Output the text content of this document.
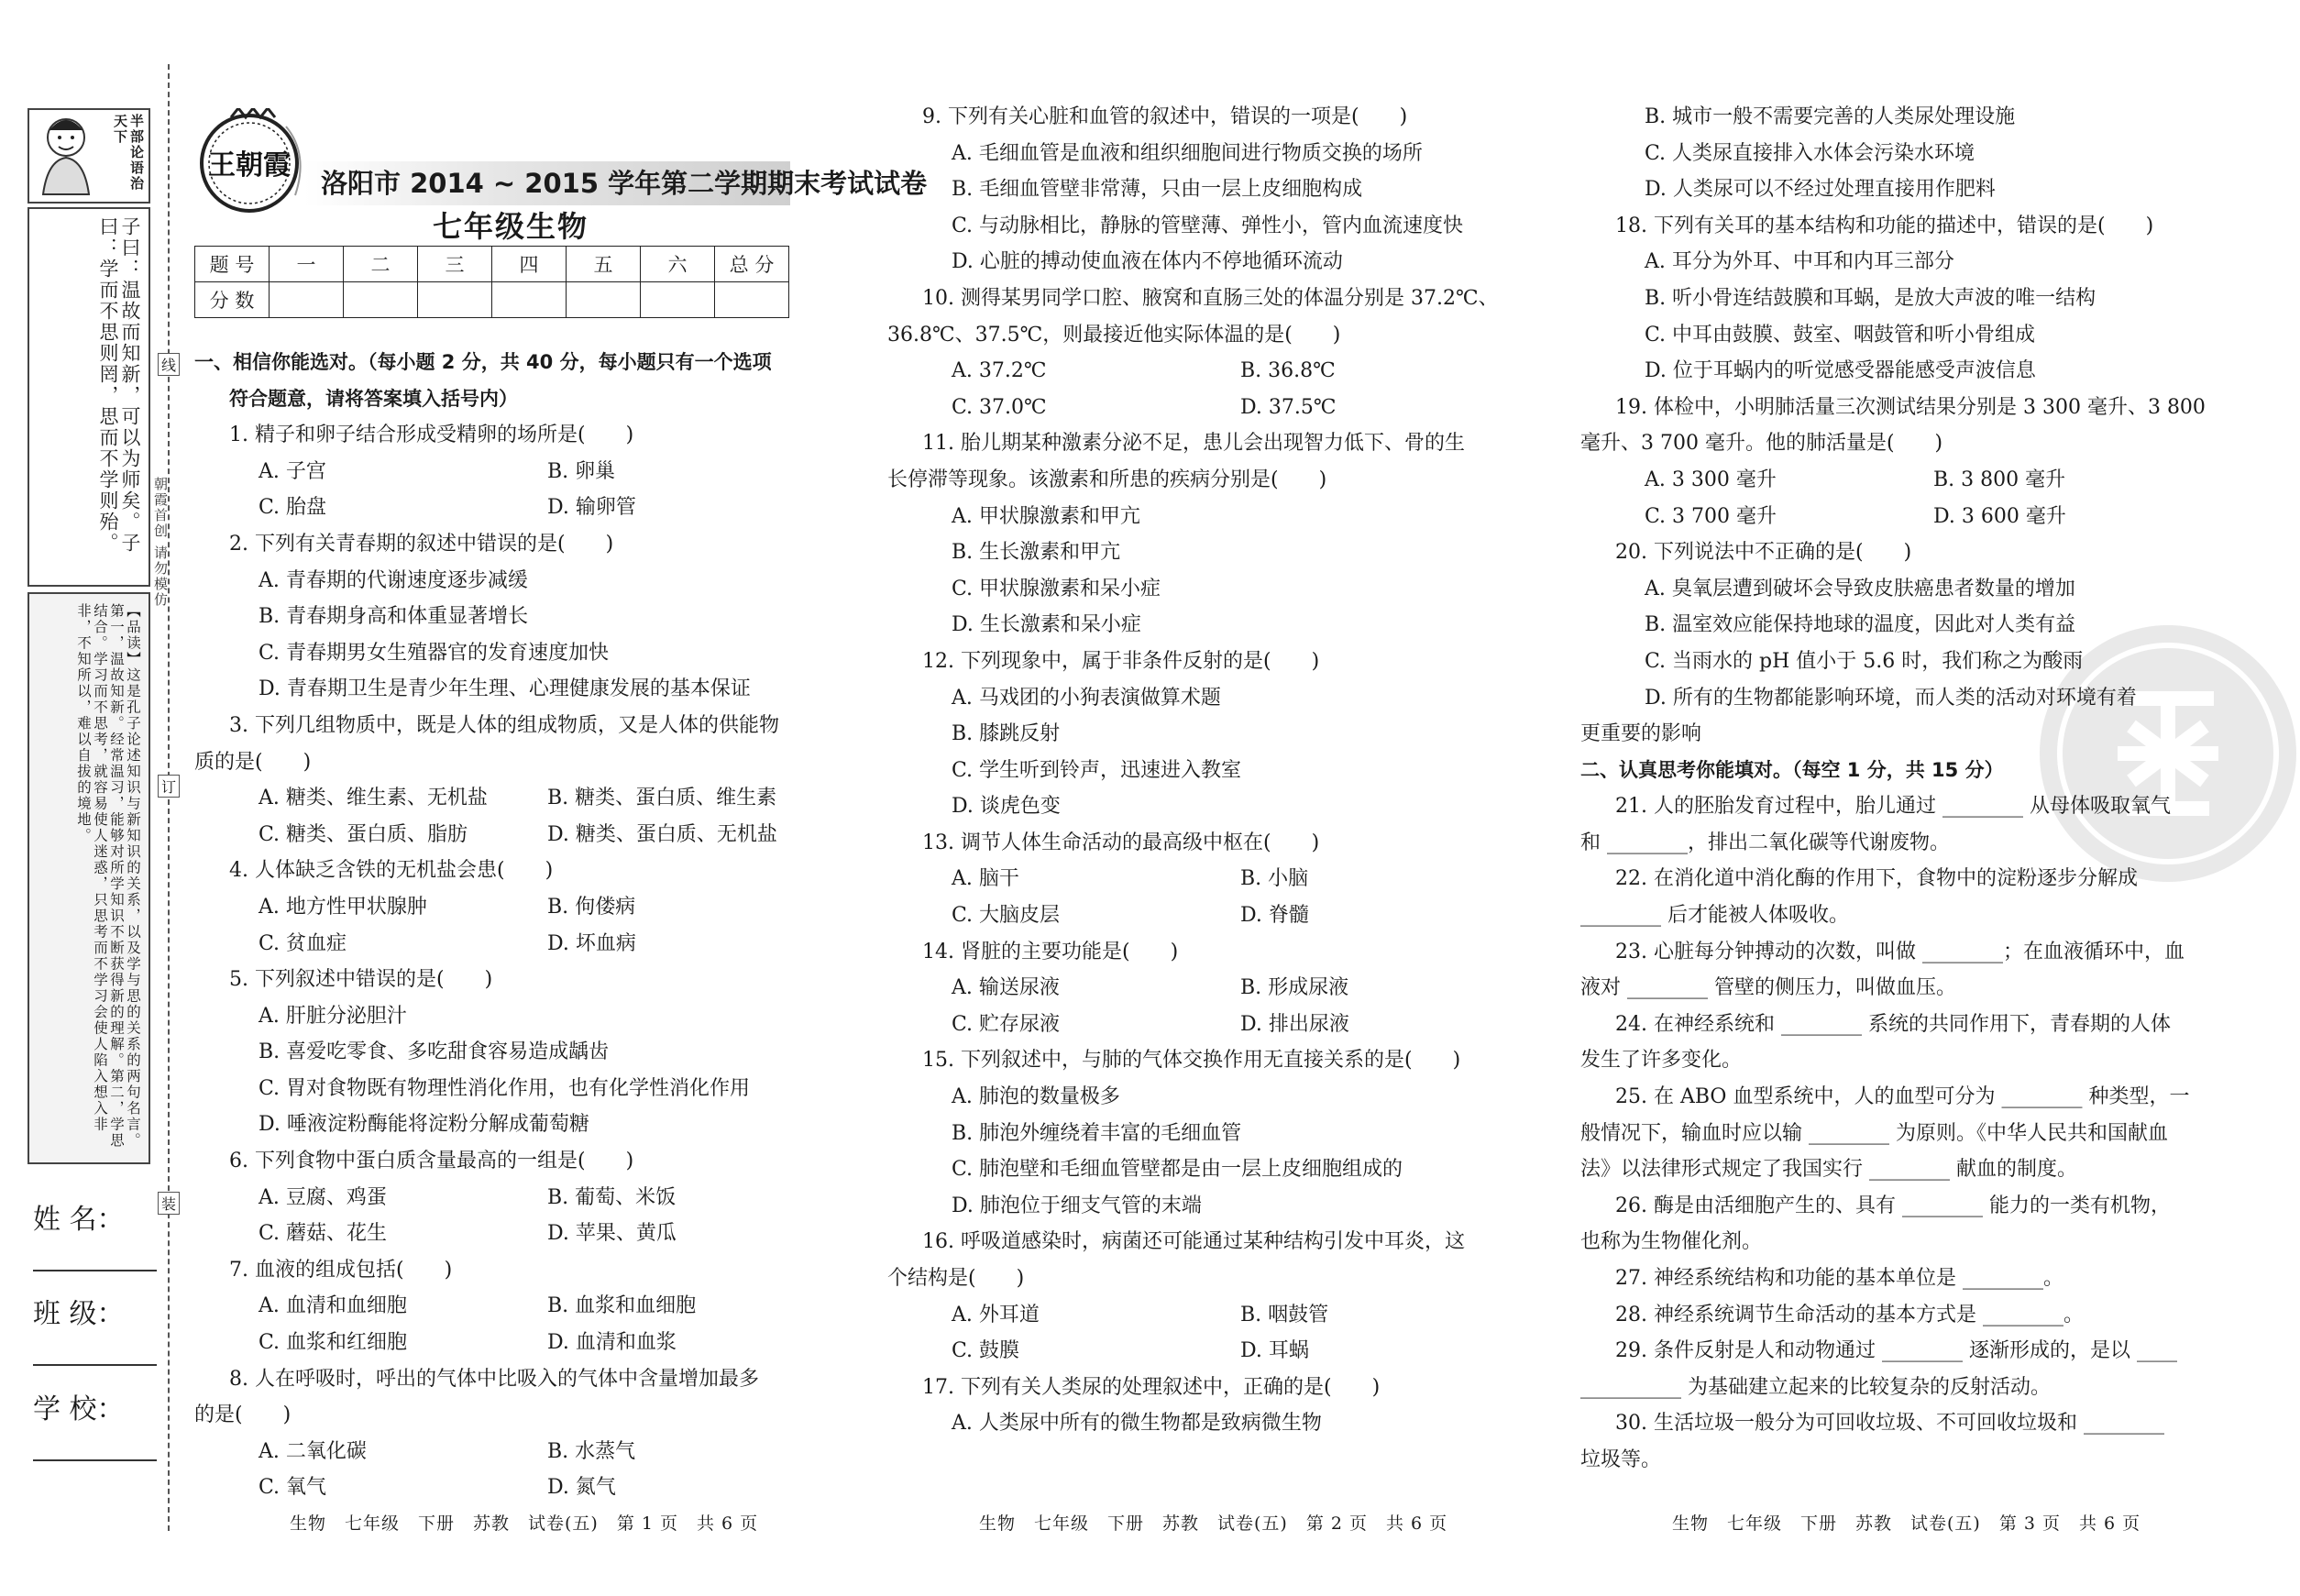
半部论语治天下
子曰：温故而知新，可以为师矣。子曰：学而不思则罔，思而不学则殆。
【品读】这是孔子论述知识与新知识的关系，以及学与思的关系的两句名言。第一，温故知新。经常温习，能够对所学知识不断获得新的理解。第二，学思结合。学习而不思考，就容易使人迷惑，只思考而不学习会使人陷入想入非非，不知所以，难以自拔的境地。
朝霞首创 请勿模仿
线
订
装
姓 名：
班 级：
学 校：
王朝霞
洛阳市 2014 ~ 2015 学年第二学期期末考试试卷
七年级生物
题 号	一	二	三	四	五	六	总 分
分 数							

一、相信你能选对。（每小题 2 分，共 40 分，每小题只有一个选项

符合题意，请将答案填入括号内）

1. 精子和卵子结合形成受精卵的场所是(　　)

A. 子宫	B. 卵巢
C. 胎盘	D. 输卵管

2. 下列有关青春期的叙述中错误的是(　　)

A. 青春期的代谢速度逐步减缓

B. 青春期身高和体重显著增长

C. 青春期男女生殖器官的发育速度加快

D. 青春期卫生是青少年生理、心理健康发展的基本保证

3. 下列几组物质中，既是人体的组成物质，又是人体的供能物

质的是(　　)

A. 糖类、维生素、无机盐	B. 糖类、蛋白质、维生素
C. 糖类、蛋白质、脂肪	D. 糖类、蛋白质、无机盐

4. 人体缺乏含铁的无机盐会患(　　)

A. 地方性甲状腺肿	B. 佝偻病
C. 贫血症	D. 坏血病

5. 下列叙述中错误的是(　　)

A. 肝脏分泌胆汁

B. 喜爱吃零食、多吃甜食容易造成龋齿

C. 胃对食物既有物理性消化作用，也有化学性消化作用

D. 唾液淀粉酶能将淀粉分解成葡萄糖

6. 下列食物中蛋白质含量最高的一组是(　　)

A. 豆腐、鸡蛋	B. 葡萄、米饭
C. 蘑菇、花生	D. 苹果、黄瓜

7. 血液的组成包括(　　)

A. 血清和血细胞	B. 血浆和血细胞
C. 血浆和红细胞	D. 血清和血浆

8. 人在呼吸时，呼出的气体中比吸入的气体中含量增加最多

的是(　　)

A. 二氧化碳	B. 水蒸气
C. 氧气	D. 氮气

9. 下列有关心脏和血管的叙述中，错误的一项是(　　)

A. 毛细血管是血液和组织细胞间进行物质交换的场所

B. 毛细血管壁非常薄，只由一层上皮细胞构成

C. 与动脉相比，静脉的管壁薄、弹性小，管内血流速度快

D. 心脏的搏动使血液在体内不停地循环流动

10. 测得某男同学口腔、腋窝和直肠三处的体温分别是 37.2℃、

36.8℃、37.5℃，则最接近他实际体温的是(　　)

A. 37.2℃	B. 36.8℃
C. 37.0℃	D. 37.5℃

11. 胎儿期某种激素分泌不足，患儿会出现智力低下、骨的生

长停滞等现象。该激素和所患的疾病分别是(　　)

A. 甲状腺激素和甲亢

B. 生长激素和甲亢

C. 甲状腺激素和呆小症

D. 生长激素和呆小症

12. 下列现象中，属于非条件反射的是(　　)

A. 马戏团的小狗表演做算术题

B. 膝跳反射

C. 学生听到铃声，迅速进入教室

D. 谈虎色变

13. 调节人体生命活动的最高级中枢在(　　)

A. 脑干	B. 小脑
C. 大脑皮层	D. 脊髓

14. 肾脏的主要功能是(　　)

A. 输送尿液	B. 形成尿液
C. 贮存尿液	D. 排出尿液

15. 下列叙述中，与肺的气体交换作用无直接关系的是(　　)

A. 肺泡的数量极多

B. 肺泡外缠绕着丰富的毛细血管

C. 肺泡壁和毛细血管壁都是由一层上皮细胞组成的

D. 肺泡位于细支气管的末端

16. 呼吸道感染时，病菌还可能通过某种结构引发中耳炎，这

个结构是(　　)

A. 外耳道	B. 咽鼓管
C. 鼓膜	D. 耳蜗

17. 下列有关人类尿的处理叙述中，正确的是(　　)

A. 人类尿中所有的微生物都是致病微生物

B. 城市一般不需要完善的人类尿处理设施

C. 人类尿直接排入水体会污染水环境

D. 人类尿可以不经过处理直接用作肥料

18. 下列有关耳的基本结构和功能的描述中，错误的是(　　)

A. 耳分为外耳、中耳和内耳三部分

B. 听小骨连结鼓膜和耳蜗，是放大声波的唯一结构

C. 中耳由鼓膜、鼓室、咽鼓管和听小骨组成

D. 位于耳蜗内的听觉感受器能感受声波信息

19. 体检中，小明肺活量三次测试结果分别是 3 300 毫升、3 800

毫升、3 700 毫升。他的肺活量是(　　)

A. 3 300 毫升	B. 3 800 毫升
C. 3 700 毫升	D. 3 600 毫升

20. 下列说法中不正确的是(　　)

A. 臭氧层遭到破坏会导致皮肤癌患者数量的增加

B. 温室效应能保持地球的温度，因此对人类有益

C. 当雨水的 pH 值小于 5.6 时，我们称之为酸雨

D. 所有的生物都能影响环境，而人类的活动对环境有着

更重要的影响

二、认真思考你能填对。（每空 1 分，共 15 分）

21. 人的胚胎发育过程中，胎儿通过 ________ 从母体吸取氧气

和 ________，排出二氧化碳等代谢废物。

22. 在消化道中消化酶的作用下，食物中的淀粉逐步分解成

________ 后才能被人体吸收。

23. 心脏每分钟搏动的次数，叫做 ________；在血液循环中，血

液对 ________ 管壁的侧压力，叫做血压。

24. 在神经系统和 ________ 系统的共同作用下，青春期的人体

发生了许多变化。

25. 在 ABO 血型系统中，人的血型可分为 ________ 种类型，一

般情况下，输血时应以输 ________ 为原则。《中华人民共和国献血

法》以法律形式规定了我国实行 ________ 献血的制度。

26. 酶是由活细胞产生的、具有 ________ 能力的一类有机物，

也称为生物催化剂。

27. 神经系统结构和功能的基本单位是 ________。

28. 神经系统调节生命活动的基本方式是 ________。

29. 条件反射是人和动物通过 ________ 逐渐形成的，是以 ____

__________ 为基础建立起来的比较复杂的反射活动。

30. 生活垃圾一般分为可回收垃圾、不可回收垃圾和 ________

垃圾等。

生物　七年级　下册　苏教　试卷(五)　第 1 页　共 6 页	生物　七年级　下册　苏教　试卷(五)　第 2 页　共 6 页	生物　七年级　下册　苏教　试卷(五)　第 3 页　共 6 页
